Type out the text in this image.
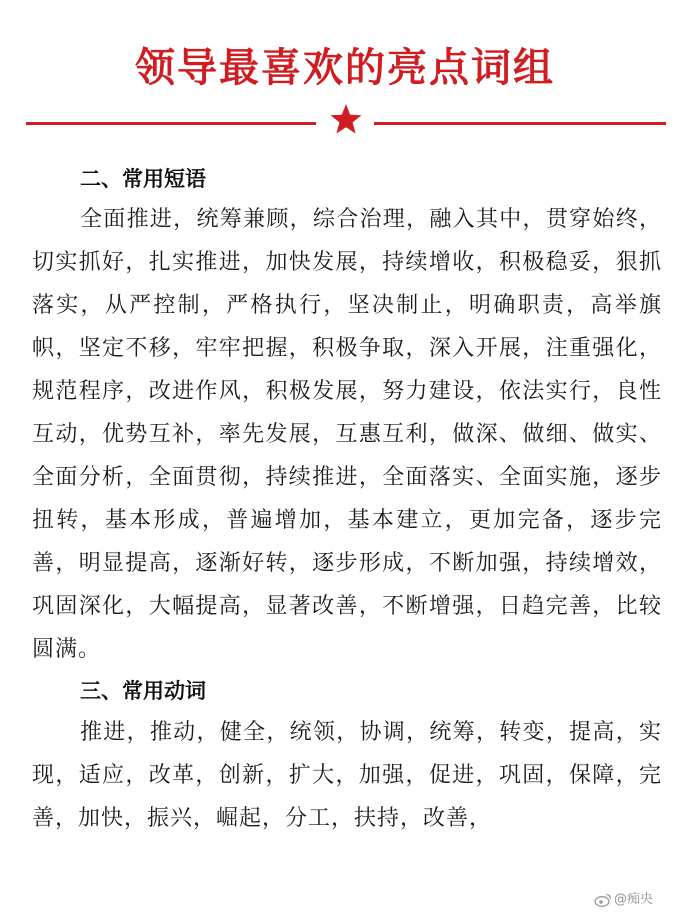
领导最喜欢的亮点词组
二、常用短语
全面推进，统筹兼顾，综合治理，融入其中，贯穿始终，切实抓好，扎实推进，加快发展，持续增收，积极稳妥，狠抓落实，从严控制，严格执行，坚决制止，明确职责，高举旗帜，坚定不移，牢牢把握，积极争取，深入开展，注重强化，规范程序，改进作风，积极发展，努力建设，依法实行，良性互动，优势互补，率先发展，互惠互利，做深、做细、做实、全面分析，全面贯彻，持续推进，全面落实、全面实施，逐步扭转，基本形成，普遍增加，基本建立，更加完备，逐步完善，明显提高，逐渐好转，逐步形成，不断加强，持续增效，巩固深化，大幅提高，显著改善，不断增强，日趋完善，比较圆满。
三、常用动词
推进，推动，健全，统领，协调，统筹，转变，提高，实现，适应，改革，创新，扩大，加强，促进，巩固，保障，完善，加快，振兴，崛起，分工，扶持，改善，
@痴央
